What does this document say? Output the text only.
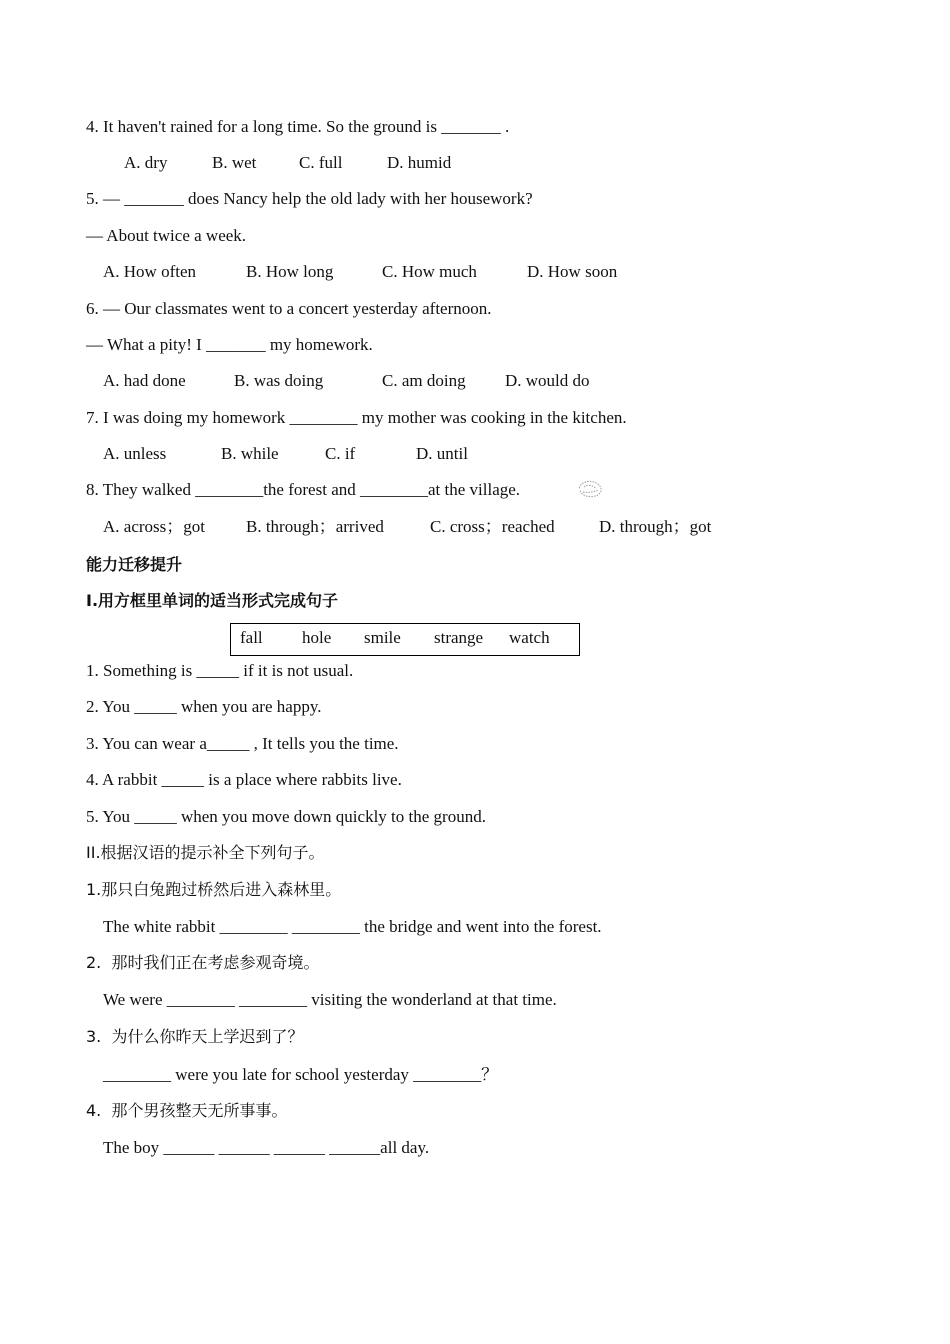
4. It haven't rained for a long time. So the ground is _______ .
A. dry	B. wet	C. full	D. humid
5. — _______ does Nancy help the old lady with her housework?
— About twice a week.
A. How often	B. How long	C. How much	D. How soon
6. — Our classmates went to a concert yesterday afternoon.
— What a pity! I _______ my homework.
A. had done	B. was doing	C. am doing D. would do
7. I was doing my homework ________ my mother was cooking in the kitchen.
A. unless	B. while	C. if	D. until
8. They walked ________the forest and ________at the village.
A. across；got B. through；arrived	C. cross；reached	D. through；got
能力迁移提升
I.用方框里单词的适当形式完成句子
fall hole smile strange watch
1. Something is _____ if it is not usual.
2. You _____ when you are happy.
3. You can wear a_____ , It tells you the time.
4. A rabbit _____ is a place where rabbits live.
5. You _____ when you move down quickly to the ground.
II.根据汉语的提示补全下列句子。
1.那只白兔跑过桥然后进入森林里。
The white rabbit ________ ________ the bridge and went into the forest.
2.  那时我们正在考虑参观奇境。
We were ________ ________ visiting the wonderland at that time.
3.  为什么你昨天上学迟到了？
________ were you late for school yesterday ________？
4.  那个男孩整天无所事事。
The boy ______ ______ ______ ______all day.
